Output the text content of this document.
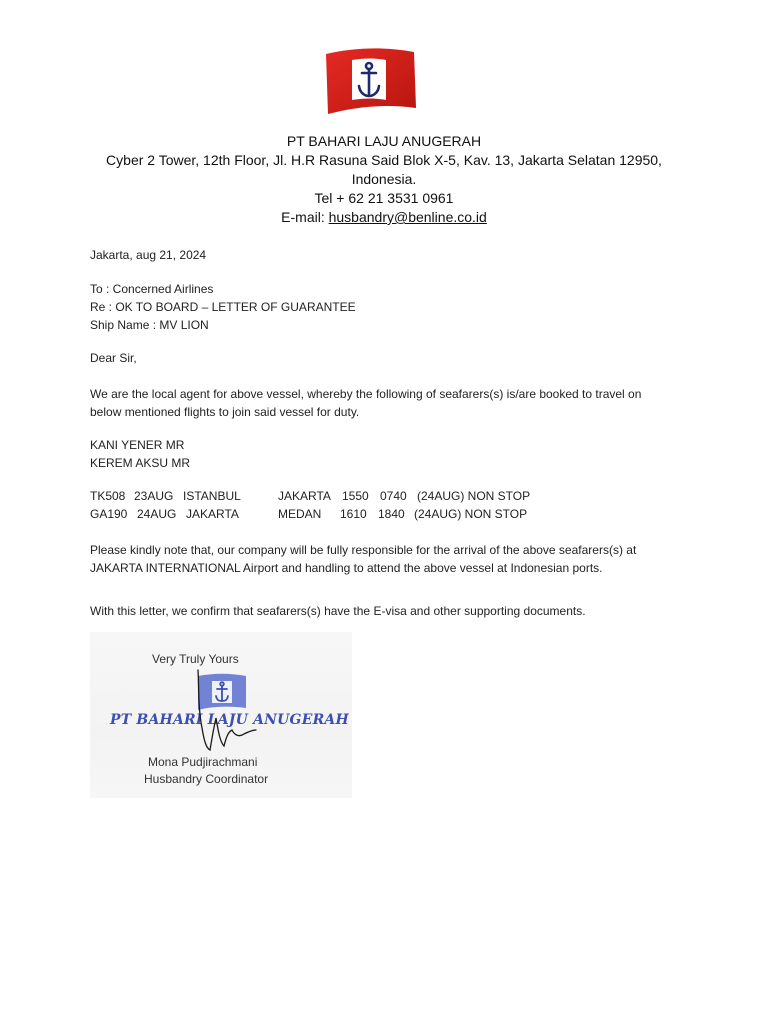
PT BAHARI LAJU ANUGERAH
Cyber 2 Tower, 12th Floor, Jl. H.R Rasuna Said Blok X-5, Kav. 13, Jakarta Selatan 12950,
Indonesia.
Tel + 62 21 3531 0961
E-mail: husbandry@benline.co.id
Jakarta, aug 21, 2024
To : Concerned Airlines
Re : OK TO BOARD – LETTER OF GUARANTEE
Ship Name : MV LION
Dear Sir,
We are the local agent for above vessel, whereby the following of seafarers(s) is/are booked to travel on
below mentioned flights to join said vessel for duty.
KANI YENER MR
KEREM AKSU MR
TK508 23AUG ISTANBUL	JAKARTA 1550 0740 (24AUG) NON STOP
GA190 24AUG JAKARTA	MEDAN 1610 1840 (24AUG) NON STOP
Please kindly note that, our company will be fully responsible for the arrival of the above seafarers(s) at
JAKARTA INTERNATIONAL Airport and handling to attend the above vessel at Indonesian ports.
With this letter, we confirm that seafarers(s) have the E-visa and other supporting documents.
Very Truly Yours
PT BAHARI LAJU ANUGERAH
Mona Pudjirachmani
Husbandry Coordinator
